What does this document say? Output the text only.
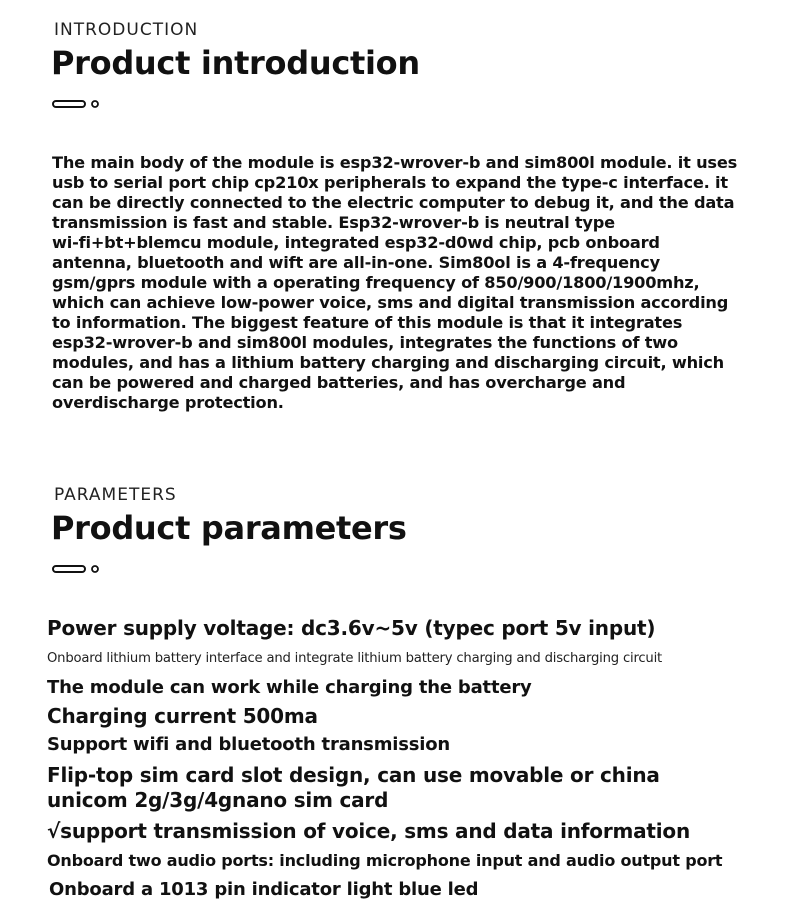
INTRODUCTION
Product introduction
The main body of the module is esp32-wrover-b and sim800l module. it uses
usb to serial port chip cp210x peripherals to expand the type-c interface. it
can be directly connected to the electric computer to debug it, and the data
transmission is fast and stable. Esp32-wrover-b is neutral type
wi-fi+bt+blemcu module, integrated esp32-d0wd chip, pcb onboard
antenna, bluetooth and wift are all-in-one. Sim80ol is a 4-frequency
gsm/gprs module with a operating frequency of 850/900/1800/1900mhz,
which can achieve low-power voice, sms and digital transmission according
to information. The biggest feature of this module is that it integrates
esp32-wrover-b and sim800l modules, integrates the functions of two
modules, and has a lithium battery charging and discharging circuit, which
can be powered and charged batteries, and has overcharge and
overdischarge protection.
PARAMETERS
Product parameters
Power supply voltage: dc3.6v~5v (typec port 5v input)
Onboard lithium battery interface and integrate lithium battery charging and discharging circuit
The module can work while charging the battery
Charging current 500ma
Support wifi and bluetooth transmission
Flip-top sim card slot design, can use movable or china
unicom 2g/3g/4gnano sim card
√support transmission of voice, sms and data information
Onboard two audio ports: including microphone input and audio output port
Onboard a 1013 pin indicator light blue led
